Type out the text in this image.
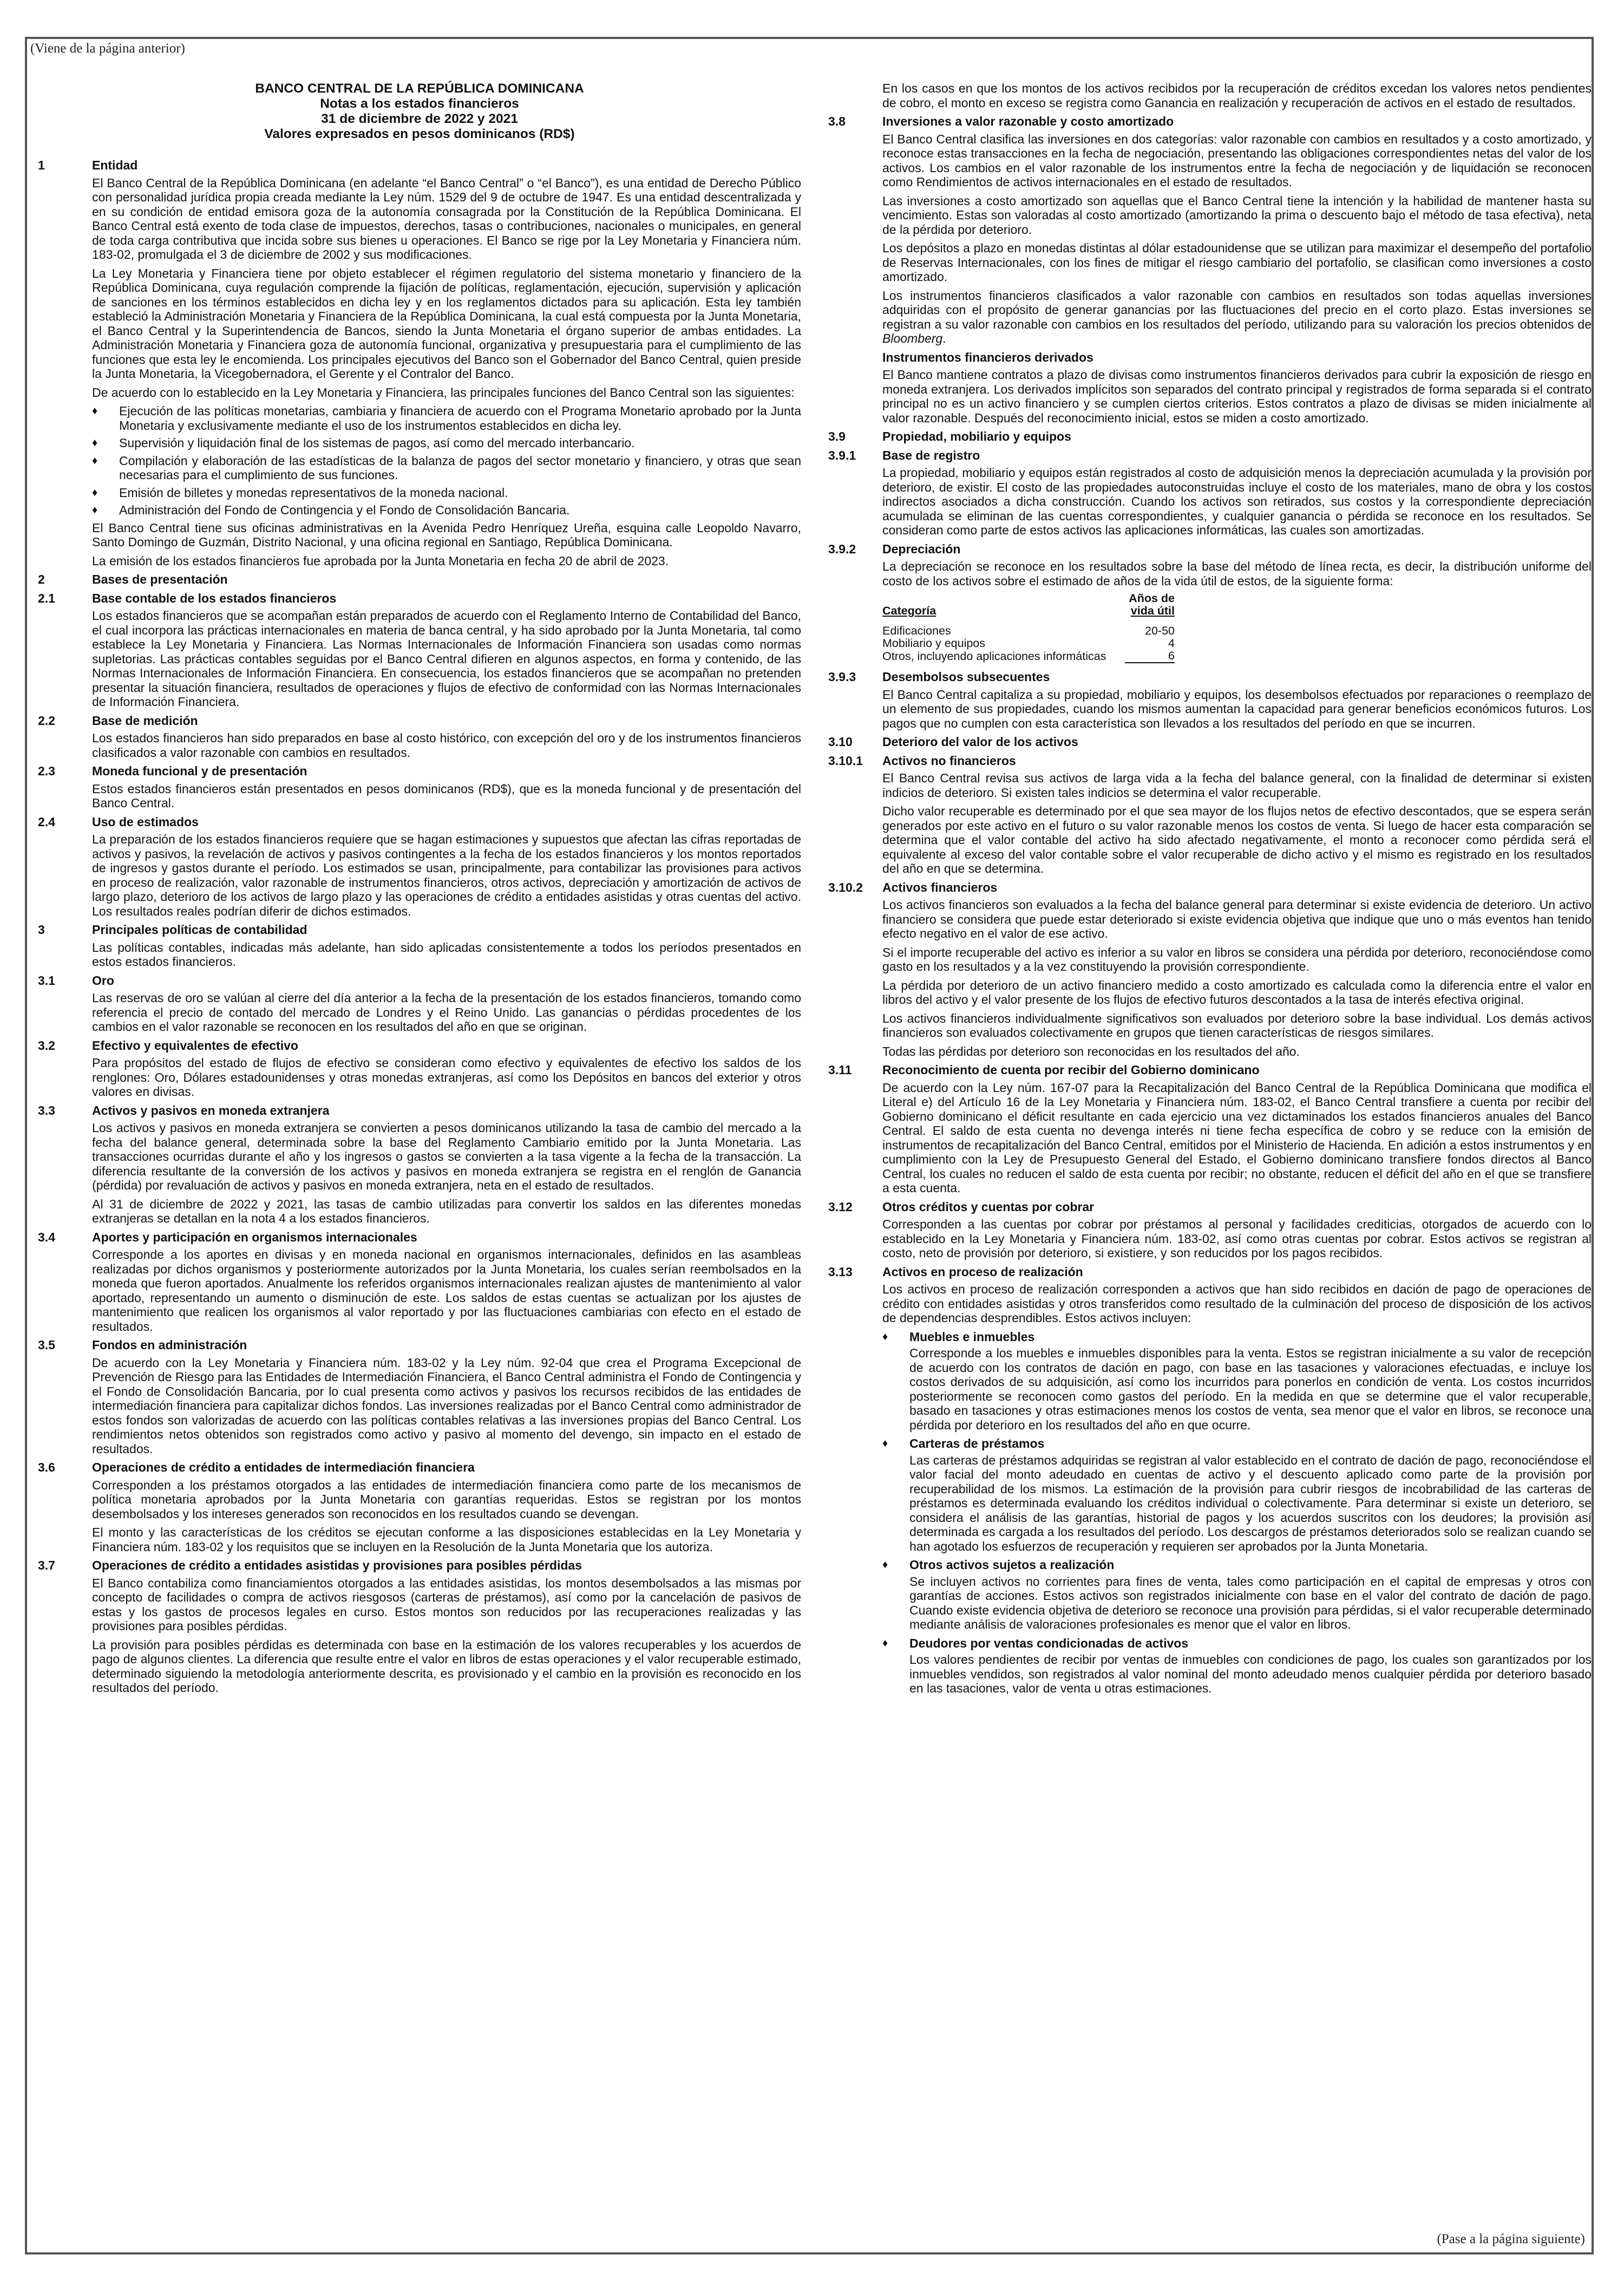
(Viene de la página anterior)
BANCO CENTRAL DE LA REPÚBLICA DOMINICANA
Notas a los estados financieros
31 de diciembre de 2022 y 2021
Valores expresados en pesos dominicanos (RD$)
1	Entidad

El Banco Central de la República Dominicana (en adelante “el Banco Central” o “el Banco”), es una entidad de Derecho Público con personalidad jurídica propia creada mediante la Ley núm. 1529 del 9 de octubre de 1947. Es una entidad descentralizada y en su condición de entidad emisora goza de la autonomía consagrada por la Constitución de la República Dominicana. El Banco Central está exento de toda clase de impuestos, derechos, tasas o contribuciones, nacionales o municipales, en general de toda carga contributiva que incida sobre sus bienes u operaciones. El Banco se rige por la Ley Monetaria y Financiera núm. 183-02, promulgada el 3 de diciembre de 2002 y sus modificaciones.

La Ley Monetaria y Financiera tiene por objeto establecer el régimen regulatorio del sistema monetario y financiero de la República Dominicana, cuya regulación comprende la fijación de políticas, reglamentación, ejecución, supervisión y aplicación de sanciones en los términos establecidos en dicha ley y en los reglamentos dictados para su aplicación. Esta ley también estableció la Administración Monetaria y Financiera de la República Dominicana, la cual está compuesta por la Junta Monetaria, el Banco Central y la Superintendencia de Bancos, siendo la Junta Monetaria el órgano superior de ambas entidades. La Administración Monetaria y Financiera goza de autonomía funcional, organizativa y presupuestaria para el cumplimiento de las funciones que esta ley le encomienda. Los principales ejecutivos del Banco son el Gobernador del Banco Central, quien preside la Junta Monetaria, la Vicegobernadora, el Gerente y el Contralor del Banco.

De acuerdo con lo establecido en la Ley Monetaria y Financiera, las principales funciones del Banco Central son las siguientes:

♦	Ejecución de las políticas monetarias, cambiaria y financiera de acuerdo con el Programa Monetario aprobado por la Junta Monetaria y exclusivamente mediante el uso de los instrumentos establecidos en dicha ley.
♦	Supervisión y liquidación final de los sistemas de pagos, así como del mercado interbancario.
♦	Compilación y elaboración de las estadísticas de la balanza de pagos del sector monetario y financiero, y otras que sean necesarias para el cumplimiento de sus funciones.
♦	Emisión de billetes y monedas representativos de la moneda nacional.
♦	Administración del Fondo de Contingencia y el Fondo de Consolidación Bancaria.

El Banco Central tiene sus oficinas administrativas en la Avenida Pedro Henríquez Ureña, esquina calle Leopoldo Navarro, Santo Domingo de Guzmán, Distrito Nacional, y una oficina regional en Santiago, República Dominicana.

La emisión de los estados financieros fue aprobada por la Junta Monetaria en fecha 20 de abril de 2023.

2	Bases de presentación
2.1	Base contable de los estados financieros

Los estados financieros que se acompañan están preparados de acuerdo con el Reglamento Interno de Contabilidad del Banco, el cual incorpora las prácticas internacionales en materia de banca central, y ha sido aprobado por la Junta Monetaria, tal como establece la Ley Monetaria y Financiera. Las Normas Internacionales de Información Financiera son usadas como normas supletorias. Las prácticas contables seguidas por el Banco Central difieren en algunos aspectos, en forma y contenido, de las Normas Internacionales de Información Financiera. En consecuencia, los estados financieros que se acompañan no pretenden presentar la situación financiera, resultados de operaciones y flujos de efectivo de conformidad con las Normas Internacionales de Información Financiera.

2.2	Base de medición

Los estados financieros han sido preparados en base al costo histórico, con excepción del oro y de los instrumentos financieros clasificados a valor razonable con cambios en resultados.

2.3	Moneda funcional y de presentación

Estos estados financieros están presentados en pesos dominicanos (RD$), que es la moneda funcional y de presentación del Banco Central.

2.4	Uso de estimados

La preparación de los estados financieros requiere que se hagan estimaciones y supuestos que afectan las cifras reportadas de activos y pasivos, la revelación de activos y pasivos contingentes a la fecha de los estados financieros y los montos reportados de ingresos y gastos durante el período. Los estimados se usan, principalmente, para contabilizar las provisiones para activos en proceso de realización, valor razonable de instrumentos financieros, otros activos, depreciación y amortización de activos de largo plazo, deterioro de los activos de largo plazo y las operaciones de crédito a entidades asistidas y otras cuentas del activo. Los resultados reales podrían diferir de dichos estimados.

3	Principales políticas de contabilidad

Las políticas contables, indicadas más adelante, han sido aplicadas consistentemente a todos los períodos presentados en estos estados financieros.

3.1	Oro

Las reservas de oro se valúan al cierre del día anterior a la fecha de la presentación de los estados financieros, tomando como referencia el precio de contado del mercado de Londres y el Reino Unido. Las ganancias o pérdidas procedentes de los cambios en el valor razonable se reconocen en los resultados del año en que se originan.

3.2	Efectivo y equivalentes de efectivo

Para propósitos del estado de flujos de efectivo se consideran como efectivo y equivalentes de efectivo los saldos de los renglones: Oro, Dólares estadounidenses y otras monedas extranjeras, así como los Depósitos en bancos del exterior y otros valores en divisas.

3.3	Activos y pasivos en moneda extranjera

Los activos y pasivos en moneda extranjera se convierten a pesos dominicanos utilizando la tasa de cambio del mercado a la fecha del balance general, determinada sobre la base del Reglamento Cambiario emitido por la Junta Monetaria. Las transacciones ocurridas durante el año y los ingresos o gastos se convierten a la tasa vigente a la fecha de la transacción. La diferencia resultante de la conversión de los activos y pasivos en moneda extranjera se registra en el renglón de Ganancia (pérdida) por revaluación de activos y pasivos en moneda extranjera, neta en el estado de resultados.

Al 31 de diciembre de 2022 y 2021, las tasas de cambio utilizadas para convertir los saldos en las diferentes monedas extranjeras se detallan en la nota 4 a los estados financieros.

3.4	Aportes y participación en organismos internacionales

Corresponde a los aportes en divisas y en moneda nacional en organismos internacionales, definidos en las asambleas realizadas por dichos organismos y posteriormente autorizados por la Junta Monetaria, los cuales serían reembolsados en la moneda que fueron aportados. Anualmente los referidos organismos internacionales realizan ajustes de mantenimiento al valor aportado, representando un aumento o disminución de este. Los saldos de estas cuentas se actualizan por los ajustes de mantenimiento que realicen los organismos al valor reportado y por las fluctuaciones cambiarias con efecto en el estado de resultados.

3.5	Fondos en administración

De acuerdo con la Ley Monetaria y Financiera núm. 183-02 y la Ley núm. 92-04 que crea el Programa Excepcional de Prevención de Riesgo para las Entidades de Intermediación Financiera, el Banco Central administra el Fondo de Contingencia y el Fondo de Consolidación Bancaria, por lo cual presenta como activos y pasivos los recursos recibidos de las entidades de intermediación financiera para capitalizar dichos fondos. Las inversiones realizadas por el Banco Central como administrador de estos fondos son valorizadas de acuerdo con las políticas contables relativas a las inversiones propias del Banco Central. Los rendimientos netos obtenidos son registrados como activo y pasivo al momento del devengo, sin impacto en el estado de resultados.

3.6	Operaciones de crédito a entidades de intermediación financiera

Corresponden a los préstamos otorgados a las entidades de intermediación financiera como parte de los mecanismos de política monetaria aprobados por la Junta Monetaria con garantías requeridas. Estos se registran por los montos desembolsados y los intereses generados son reconocidos en los resultados cuando se devengan.

El monto y las características de los créditos se ejecutan conforme a las disposiciones establecidas en la Ley Monetaria y Financiera núm. 183-02 y los requisitos que se incluyen en la Resolución de la Junta Monetaria que los autoriza.

3.7	Operaciones de crédito a entidades asistidas y provisiones para posibles pérdidas

El Banco contabiliza como financiamientos otorgados a las entidades asistidas, los montos desembolsados a las mismas por concepto de facilidades o compra de activos riesgosos (carteras de préstamos), así como por la cancelación de pasivos de estas y los gastos de procesos legales en curso. Estos montos son reducidos por las recuperaciones realizadas y las provisiones para posibles pérdidas.

La provisión para posibles pérdidas es determinada con base en la estimación de los valores recuperables y los acuerdos de pago de algunos clientes. La diferencia que resulte entre el valor en libros de estas operaciones y el valor recuperable estimado, determinado siguiendo la metodología anteriormente descrita, es provisionado y el cambio en la provisión es reconocido en los resultados del período.

En los casos en que los montos de los activos recibidos por la recuperación de créditos excedan los valores netos pendientes de cobro, el monto en exceso se registra como Ganancia en realización y recuperación de activos en el estado de resultados.

3.8	Inversiones a valor razonable y costo amortizado

El Banco Central clasifica las inversiones en dos categorías: valor razonable con cambios en resultados y a costo amortizado, y reconoce estas transacciones en la fecha de negociación, presentando las obligaciones correspondientes netas del valor de los activos. Los cambios en el valor razonable de los instrumentos entre la fecha de negociación y de liquidación se reconocen como Rendimientos de activos internacionales en el estado de resultados.

Las inversiones a costo amortizado son aquellas que el Banco Central tiene la intención y la habilidad de mantener hasta su vencimiento. Estas son valoradas al costo amortizado (amortizando la prima o descuento bajo el método de tasa efectiva), neta de la pérdida por deterioro.

Los depósitos a plazo en monedas distintas al dólar estadounidense que se utilizan para maximizar el desempeño del portafolio de Reservas Internacionales, con los fines de mitigar el riesgo cambiario del portafolio, se clasifican como inversiones a costo amortizado.

Los instrumentos financieros clasificados a valor razonable con cambios en resultados son todas aquellas inversiones adquiridas con el propósito de generar ganancias por las fluctuaciones del precio en el corto plazo. Estas inversiones se registran a su valor razonable con cambios en los resultados del período, utilizando para su valoración los precios obtenidos de Bloomberg.

Instrumentos financieros derivados

El Banco mantiene contratos a plazo de divisas como instrumentos financieros derivados para cubrir la exposición de riesgo en moneda extranjera. Los derivados implícitos son separados del contrato principal y registrados de forma separada si el contrato principal no es un activo financiero y se cumplen ciertos criterios. Estos contratos a plazo de divisas se miden inicialmente al valor razonable. Después del reconocimiento inicial, estos se miden a costo amortizado.

3.9	Propiedad, mobiliario y equipos
3.9.1	Base de registro

La propiedad, mobiliario y equipos están registrados al costo de adquisición menos la depreciación acumulada y la provisión por deterioro, de existir. El costo de las propiedades autoconstruidas incluye el costo de los materiales, mano de obra y los costos indirectos asociados a dicha construcción. Cuando los activos son retirados, sus costos y la correspondiente depreciación acumulada se eliminan de las cuentas correspondientes, y cualquier ganancia o pérdida se reconoce en los resultados. Se consideran como parte de estos activos las aplicaciones informáticas, las cuales son amortizadas.

3.9.2	Depreciación

La depreciación se reconoce en los resultados sobre la base del método de línea recta, es decir, la distribución uniforme del costo de los activos sobre el estimado de años de la vida útil de estos, de la siguiente forma:

	Años de
Categoría	vida útil

Edificaciones	20-50
Mobiliario y equipos	4
Otros, incluyendo aplicaciones informáticas	6
3.9.3	Desembolsos subsecuentes

El Banco Central capitaliza a su propiedad, mobiliario y equipos, los desembolsos efectuados por reparaciones o reemplazo de un elemento de sus propiedades, cuando los mismos aumentan la capacidad para generar beneficios económicos futuros. Los pagos que no cumplen con esta característica son llevados a los resultados del período en que se incurren.

3.10	Deterioro del valor de los activos
3.10.1	Activos no financieros

El Banco Central revisa sus activos de larga vida a la fecha del balance general, con la finalidad de determinar si existen indicios de deterioro. Si existen tales indicios se determina el valor recuperable.

Dicho valor recuperable es determinado por el que sea mayor de los flujos netos de efectivo descontados, que se espera serán generados por este activo en el futuro o su valor razonable menos los costos de venta. Si luego de hacer esta comparación se determina que el valor contable del activo ha sido afectado negativamente, el monto a reconocer como pérdida será el equivalente al exceso del valor contable sobre el valor recuperable de dicho activo y el mismo es registrado en los resultados del año en que se determina.

3.10.2	Activos financieros

Los activos financieros son evaluados a la fecha del balance general para determinar si existe evidencia de deterioro. Un activo financiero se considera que puede estar deteriorado si existe evidencia objetiva que indique que uno o más eventos han tenido efecto negativo en el valor de ese activo.

Si el importe recuperable del activo es inferior a su valor en libros se considera una pérdida por deterioro, reconociéndose como gasto en los resultados y a la vez constituyendo la provisión correspondiente.

La pérdida por deterioro de un activo financiero medido a costo amortizado es calculada como la diferencia entre el valor en libros del activo y el valor presente de los flujos de efectivo futuros descontados a la tasa de interés efectiva original.

Los activos financieros individualmente significativos son evaluados por deterioro sobre la base individual. Los demás activos financieros son evaluados colectivamente en grupos que tienen características de riesgos similares.

Todas las pérdidas por deterioro son reconocidas en los resultados del año.

3.11	Reconocimiento de cuenta por recibir del Gobierno dominicano

De acuerdo con la Ley núm. 167-07 para la Recapitalización del Banco Central de la República Dominicana que modifica el Literal e) del Artículo 16 de la Ley Monetaria y Financiera núm. 183-02, el Banco Central transfiere a cuenta por recibir del Gobierno dominicano el déficit resultante en cada ejercicio una vez dictaminados los estados financieros anuales del Banco Central. El saldo de esta cuenta no devenga interés ni tiene fecha específica de cobro y se reduce con la emisión de instrumentos de recapitalización del Banco Central, emitidos por el Ministerio de Hacienda. En adición a estos instrumentos y en cumplimiento con la Ley de Presupuesto General del Estado, el Gobierno dominicano transfiere fondos directos al Banco Central, los cuales no reducen el saldo de esta cuenta por recibir; no obstante, reducen el déficit del año en el que se transfiere a esta cuenta.

3.12	Otros créditos y cuentas por cobrar

Corresponden a las cuentas por cobrar por préstamos al personal y facilidades crediticias, otorgados de acuerdo con lo establecido en la Ley Monetaria y Financiera núm. 183-02, así como otras cuentas por cobrar. Estos activos se registran al costo, neto de provisión por deterioro, si existiere, y son reducidos por los pagos recibidos.

3.13	Activos en proceso de realización

Los activos en proceso de realización corresponden a activos que han sido recibidos en dación de pago de operaciones de crédito con entidades asistidas y otros transferidos como resultado de la culminación del proceso de disposición de los activos de dependencias desprendibles. Estos activos incluyen:

♦	Muebles e inmuebles

Corresponde a los muebles e inmuebles disponibles para la venta. Estos se registran inicialmente a su valor de recepción de acuerdo con los contratos de dación en pago, con base en las tasaciones y valoraciones efectuadas, e incluye los costos derivados de su adquisición, así como los incurridos para ponerlos en condición de venta. Los costos incurridos posteriormente se reconocen como gastos del período. En la medida en que se determine que el valor recuperable, basado en tasaciones y otras estimaciones menos los costos de venta, sea menor que el valor en libros, se reconoce una pérdida por deterioro en los resultados del año en que ocurre.

♦	Carteras de préstamos

Las carteras de préstamos adquiridas se registran al valor establecido en el contrato de dación de pago, reconociéndose el valor facial del monto adeudado en cuentas de activo y el descuento aplicado como parte de la provisión por recuperabilidad de los mismos. La estimación de la provisión para cubrir riesgos de incobrabilidad de las carteras de préstamos es determinada evaluando los créditos individual o colectivamente. Para determinar si existe un deterioro, se considera el análisis de las garantías, historial de pagos y los acuerdos suscritos con los deudores; la provisión así determinada es cargada a los resultados del período. Los descargos de préstamos deteriorados solo se realizan cuando se han agotado los esfuerzos de recuperación y requieren ser aprobados por la Junta Monetaria.

♦	Otros activos sujetos a realización

Se incluyen activos no corrientes para fines de venta, tales como participación en el capital de empresas y otros con garantías de acciones. Estos activos son registrados inicialmente con base en el valor del contrato de dación de pago. Cuando existe evidencia objetiva de deterioro se reconoce una provisión para pérdidas, si el valor recuperable determinado mediante análisis de valoraciones profesionales es menor que el valor en libros.

♦	Deudores por ventas condicionadas de activos

Los valores pendientes de recibir por ventas de inmuebles con condiciones de pago, los cuales son garantizados por los inmuebles vendidos, son registrados al valor nominal del monto adeudado menos cualquier pérdida por deterioro basado en las tasaciones, valor de venta u otras estimaciones.

(Pase a la página siguiente)
